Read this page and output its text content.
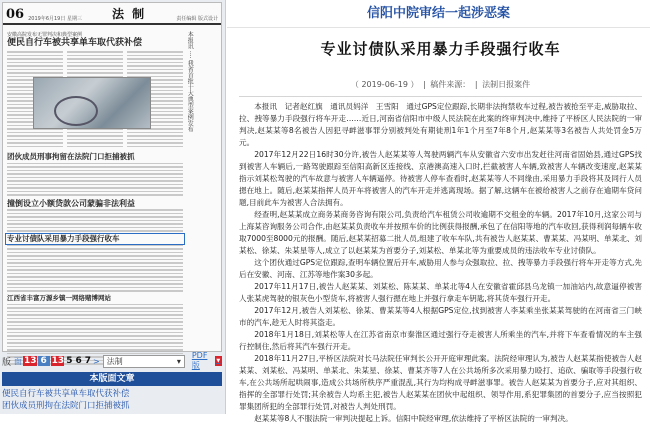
06 2019年6月19日 星期三	法 制	责任编辑 版式设计
安徽高院发布无罪判决和典型案例
便民自行车被共享单车取代获补偿	本报讯 ···· 我省首批十大典型案例发布
团伙成员刑事拘留在法院门口拒捕被抓
撞倒设立小额贷款公司蒙骗非法利益
专业讨债队采用暴力手段强行收车
江西省丰富万源乡镇一网络赌博网站
版 面 13 6 13 5 6 7 > 法制	▾
PDF版	▼
本版面文章
便民自行车被共享单车取代获补偿
团伙成员刑拘在法院门口拒捕被抓
信阳中院审结一起涉恶案
专业讨债队采用暴力手段强行收车
（ 2019-06-19 ） | 稿件来源： | 法制日报案件

本报讯　记者赵红旗　通讯员妈洋　王雪阳　通过GPS定位跟踪,长期非法拘禁收车过程,被告被抢至平走,威胁取拉、拉、拽等暴力手段强行将车开走……近日,河南省信阳市中级人民法院在此案的终审判决中,维持了平桥区人民法院的一审判决,赵某某等8名被告人因犯寻衅滋事罪分别被判处有期徒刑1年1个月至7年8个月,赵某某等3名被告人共处罚金5万元。

2017年12月22日16时30分许,被告人赵某某等人驾驶两辆汽车从安徽省六安市出发赶往河南省固始县,通过GPS找到被害人车辆后,一路驾驶跟踪至信阳高新区连接线、京港澳高速入口时,拦截被害人车辆,致被害人车辆改变速度,赵某某指示刘某松驾驶的汽车故意与被害人车辆逼停。待被害人停车查看时,赵某某等人不同缘由,采用暴力手段将其及同行人员摁在地上。随后,赵某某指挥人员开车将被害人的汽车开走并逃离现场。据了解,这辆车在被给被害人之前存在逾期车贷问题,目前此车为被害人合法拥有。

经查明,赵某某成立商务某商务咨询有限公司,负责给汽车租赁公司收逾期不交租金的车辆。2017年10月,这家公司与上海某咨询服务公司合作,由赵某某负责收车并按照车价的比例获得报酬,承包了在信阳等地的汽车收回,获得利润每辆车收取7000至8000元的报酬。随后,赵某某招募二批人员,组建了收车车队,共有被告人赵某某、曹某某、冯某明、单某北、刘某松、徐某、朱某星等人,成立了以赵某某为首要分子,刘某松、单某北等为重要成员的违法收车专业讨债队。

这个团伙通过GPS定位跟踪,查明车辆位置后开车,威胁用人参与众强取拉、拉、拽等暴力手段强行将车开走等方式,先后在安徽、河南、江苏等地作案30多起。

2017年11月17日,被告人赵某某、刘某松、陈某某、单某北等4人在安徽省霍邱县乌龙镇一加油站内,故意逼停被害人张某虎驾驶的银灰色小型货车,将被害人强行摁在地上并强行拿走车钥匙,将其货车强行开走。

2017年12月,被告人刘某松、徐某、曹某某等4人根据GPS定位,找到被害人李某乘坐张某某驾驶的在河南省三门峡市的汽车,趁无人时将其盗走。

2018年1月18日,刘某松等人在江苏省南京市秦淮区通过强行夺走被害人所乘坐的汽车,并将下车查看情况的车主强行控制住,然后将其汽车强行开走。

2018年11月27日,平桥区法院对长马法院任审判长公开开庭审理此案。法院经审理认为,被告人赵某某指使被告人赵某某、刘某松、冯某明、单某北、朱某星、徐某、曹某齐等7人在公共场所多次采用暴力殴打、追砍、骗取等手段强行收车,在公共场所起哄闹事,造成公共场所秩序严重混乱,其行为均构成寻衅滋事罪。被告人赵某某为首要分子,应对其组织、指挥的全部罪行处罚;其余被告人均系主犯,被告人赵某某在团伙中起组织、领导作用,系犯罪集团的首要分子,应当按照犯罪集团所犯的全部罪行处罚,对被告人判处刑罚。

赵某某等8人不服法院一审判决提起上诉。信阳中院经审理,依法维持了平桥区法院的一审判决。
